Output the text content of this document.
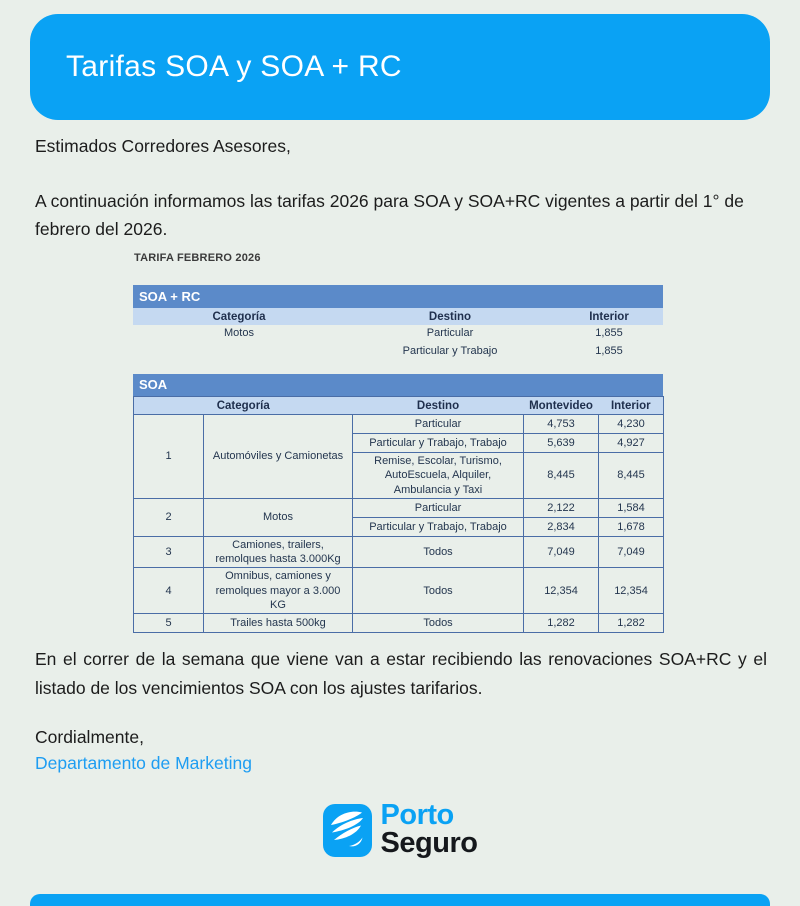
Tarifas SOA y SOA + RC
Estimados Corredores Asesores,
A continuación informamos las tarifas 2026 para SOA y SOA+RC vigentes a partir del 1° de febrero del 2026.
TARIFA FEBRERO 2026
SOA + RC
Categoría	Destino	Interior
Motos	Particular	1,855
	Particular y Trabajo	1,855
SOA
Categoría		Destino	Montevideo	Interior
1	Automóviles y Camionetas	Particular	4,753	4,230
		Particular y Trabajo, Trabajo	5,639	4,927
		Remise, Escolar, Turismo, AutoEscuela, Alquiler, Ambulancia y Taxi	8,445	8,445
2	Motos	Particular	2,122	1,584
		Particular y Trabajo, Trabajo	2,834	1,678
3	Camiones, trailers, remolques hasta 3.000Kg	Todos	7,049	7,049
4	Omnibus, camiones y remolques mayor a 3.000 KG	Todos	12,354	12,354
5	Trailes hasta 500kg	Todos	1,282	1,282
En el correr de la semana que viene van a estar recibiendo las renovaciones SOA+RC y el listado de los vencimientos SOA con los ajustes tarifarios.
Cordialmente,
Departamento de Marketing
Porto
Seguro
